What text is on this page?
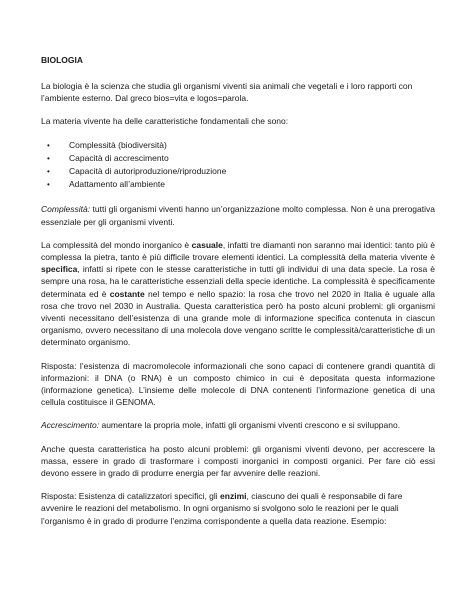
BIOLOGIA

La biologia è la scienza che studia gli organismi viventi sia animali che vegetali e i loro rapporti con l’ambiente esterno. Dal greco bios=vita e logos=parola.

La materia vivente ha delle caratteristiche fondamentali che sono:

• Complessità (biodiversità)
• Capacità di accrescimento
• Capacità di autoriproduzione/riproduzione
• Adattamento all’ambiente

Complessità: tutti gli organismi viventi hanno un’organizzazione molto complessa. Non è una prerogativa essenziale per gli organismi viventi.

La complessità del mondo inorganico è casuale, infatti tre diamanti non saranno mai identici: tanto più è complessa la pietra, tanto è più difficile trovare elementi identici. La complessità della materia vivente è specifica, infatti si ripete con le stesse caratteristiche in tutti gli individui di una data specie. La rosa è sempre una rosa, ha le caratteristiche essenziali della specie identiche. La complessità è specificamente determinata ed è costante nel tempo e nello spazio: la rosa che trovo nel 2020 in Italia è uguale alla rosa che trovo nel 2030 in Australia. Questa caratteristica però ha posto alcuni problemi: gli organismi viventi necessitano dell’esistenza di una grande mole di informazione specifica contenuta in ciascun organismo, ovvero necessitano di una molecola dove vengano scritte le complessità/caratteristiche di un determinato organismo.

Risposta: l’esistenza di macromolecole informazionali che sono capaci di contenere grandi quantità di informazioni: il DNA (o RNA) è un composto chimico in cui è depositata questa informazione (informazione genetica). L’insieme delle molecole di DNA contenenti l’informazione genetica di una cellula costituisce il GENOMA.

Accrescimento: aumentare la propria mole, infatti gli organismi viventi crescono e si sviluppano.

Anche questa caratteristica ha posto alcuni problemi: gli organismi viventi devono, per accrescere la massa, essere in grado di trasformare i composti inorganici in composti organici. Per fare ciò essi devono essere in grado di produrre energia per far avvenire delle reazioni.

Risposta: Esistenza di catalizzatori specifici, gli enzimi, ciascuno dei quali è responsabile di fare avvenire le reazioni del metabolismo. In ogni organismo si svolgono solo le reazioni per le quali l’organismo è in grado di produrre l’enzima corrispondente a quella data reazione. Esempio:
